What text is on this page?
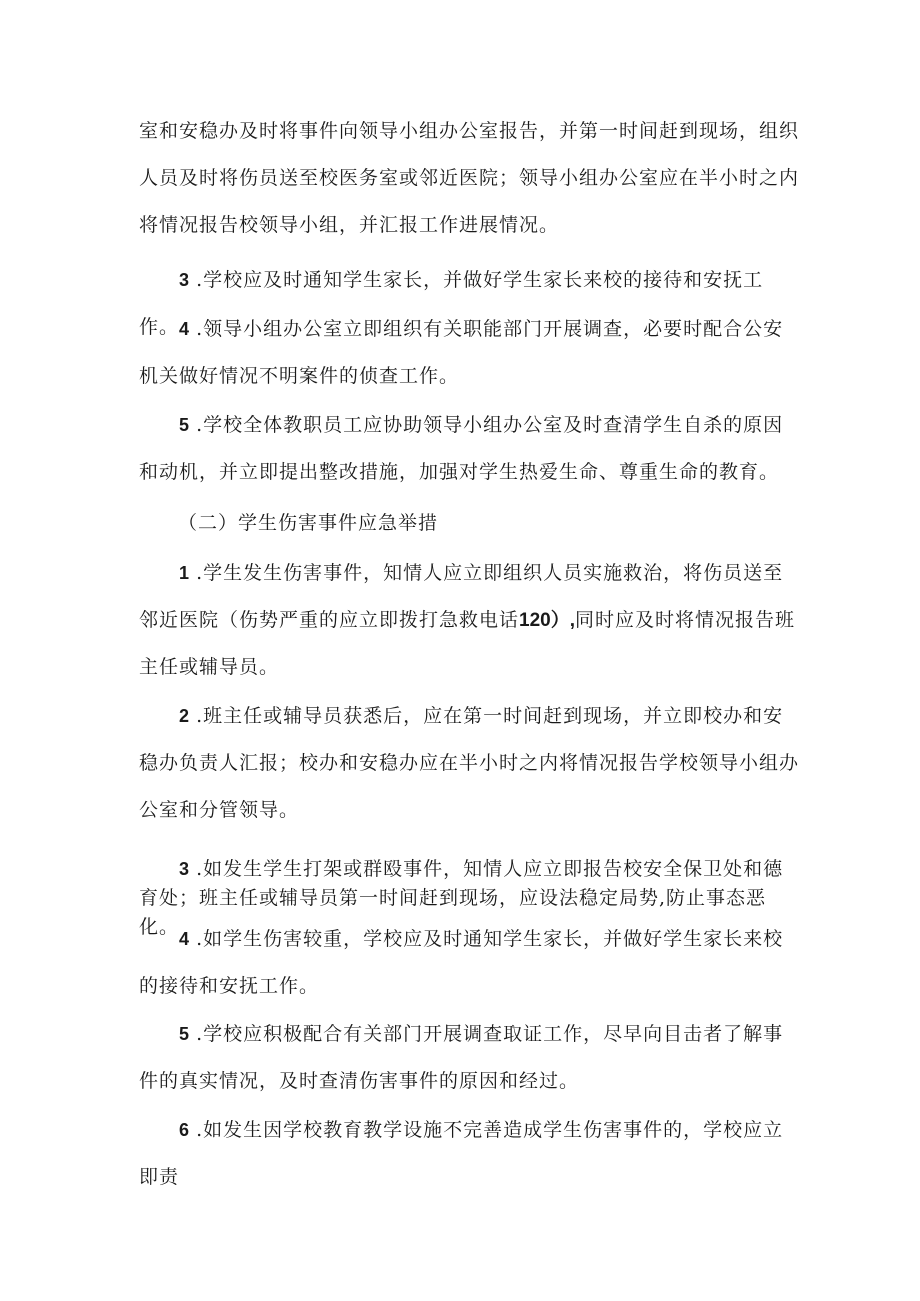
室和安稳办及时将事件向领导小组办公室报告，并第一时间赶到现场，组织人员及时将伤员送至校医务室或邻近医院；领导小组办公室应在半小时之内将情况报告校领导小组，并汇报工作进展情况。

3 .学校应及时通知学生家长，并做好学生家长来校的接待和安抚工作。 4 .领导小组办公室立即组织有关职能部门开展调查，必要时配合公安机关做好情况不明案件的侦查工作。

5 .学校全体教职员工应协助领导小组办公室及时查清学生自杀的原因和动机，并立即提出整改措施，加强对学生热爱生命、尊重生命的教育。

（二）学生伤害事件应急举措

1 .学生发生伤害事件，知情人应立即组织人员实施救治，将伤员送至邻近医院（伤势严重的应立即拨打急救电话120）,同时应及时将情况报告班主任或辅导员。

2 .班主任或辅导员获悉后，应在第一时间赶到现场，并立即校办和安稳办负责人汇报；校办和安稳办应在半小时之内将情况报告学校领导小组办公室和分管领导。

3 .如发生学生打架或群殴事件，知情人应立即报告校安全保卫处和德育处；班主任或辅导员第一时间赶到现场，应设法稳定局势,防止事态恶化。

4 .如学生伤害较重，学校应及时通知学生家长，并做好学生家长来校的接待和安抚工作。

5 .学校应积极配合有关部门开展调查取证工作，尽早向目击者了解事件的真实情况，及时查清伤害事件的原因和经过。

6 .如发生因学校教育教学设施不完善造成学生伤害事件的，学校应立即责
